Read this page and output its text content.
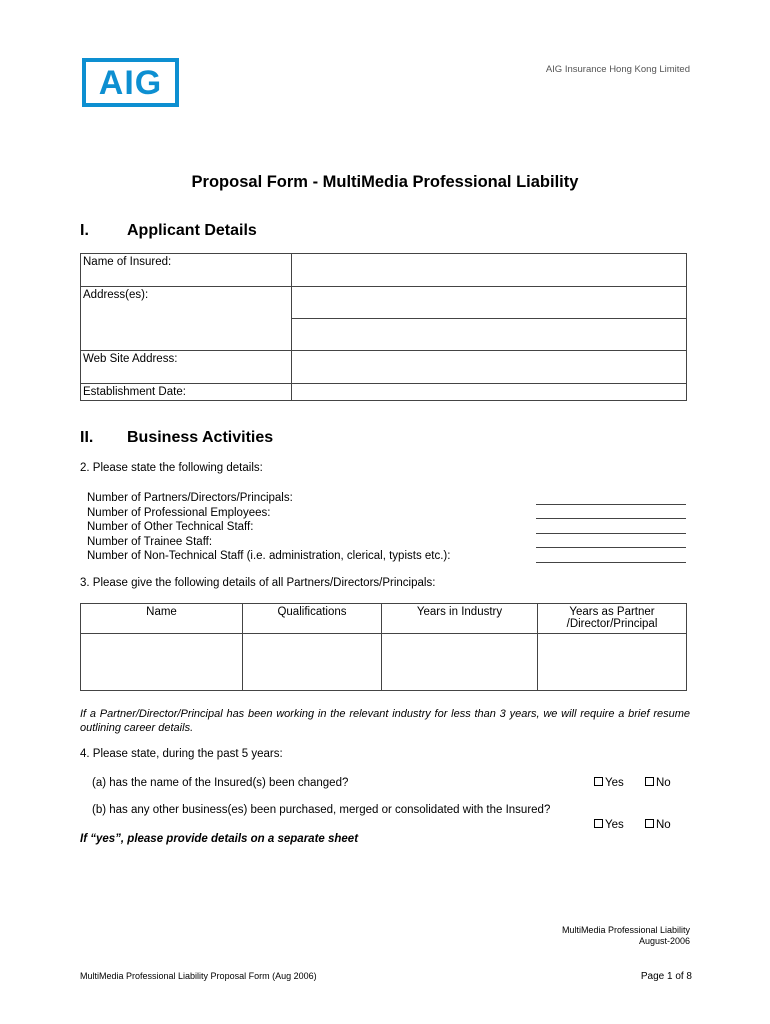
AIG	AIG Insurance Hong Kong Limited
Proposal Form - MultiMedia Professional Liability
I. Applicant Details
Name of Insured:	
Address(es):	

Web Site Address:	
Establishment Date:	
II. Business Activities
2. Please state the following details:
Number of Partners/Directors/Principals:
Number of Professional Employees:
Number of Other Technical Staff:
Number of Trainee Staff:
Number of Non-Technical Staff (i.e. administration, clerical, typists etc.):
3. Please give the following details of all Partners/Directors/Principals:
Name	Qualifications	Years in Industry	Years as Partner /Director/Principal

If a Partner/Director/Principal has been working in the relevant industry for less than 3 years, we will require a brief resume outlining career details.
4. Please state, during the past 5 years:
(a) has the name of the Insured(s) been changed?	Yes	No
(b) has any other business(es) been purchased, merged or consolidated with the Insured?
Yes	No
If “yes”, please provide details on a separate sheet
MultiMedia Professional Liability
August-2006
MultiMedia Professional Liability Proposal Form (Aug 2006)	Page 1 of 8
